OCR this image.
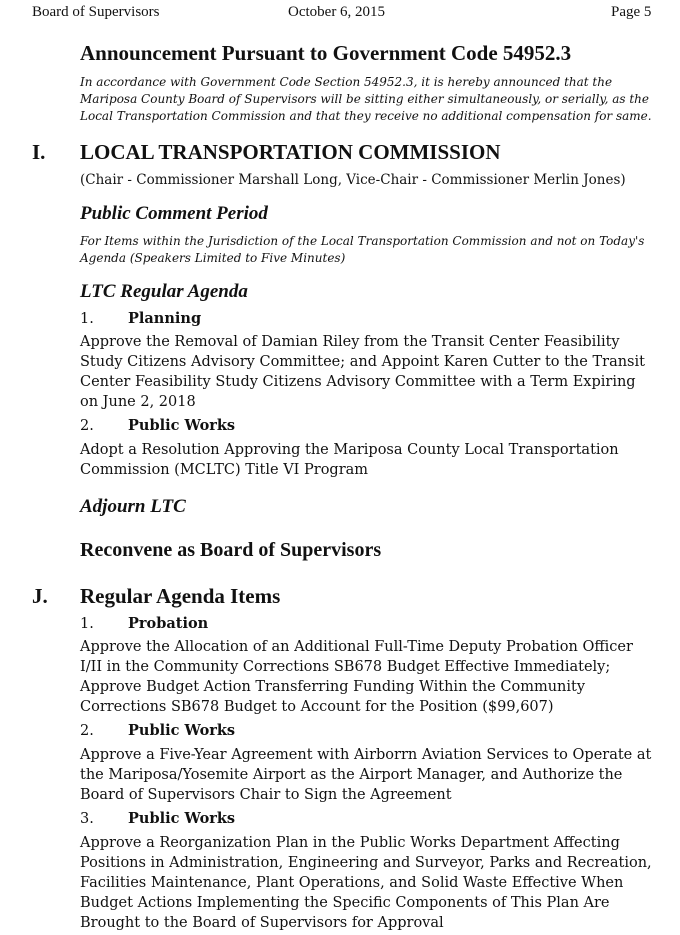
Board of Supervisors	October 6, 2015	Page 5
Announcement Pursuant to Government Code 54952.3
In accordance with Government Code Section 54952.3, it is hereby announced that the Mariposa County Board of Supervisors will be sitting either simultaneously, or serially, as the Local Transportation Commission and that they receive no additional compensation for same.
I. LOCAL TRANSPORTATION COMMISSION
(Chair - Commissioner Marshall Long, Vice-Chair - Commissioner Merlin Jones)
Public Comment Period
For Items within the Jurisdiction of the Local Transportation Commission and not on Today's Agenda (Speakers Limited to Five Minutes)
LTC Regular Agenda
1. Planning
Approve the Removal of Damian Riley from the Transit Center Feasibility Study Citizens Advisory Committee; and Appoint Karen Cutter to the Transit Center Feasibility Study Citizens Advisory Committee with a Term Expiring on June 2, 2018
2. Public Works
Adopt a Resolution Approving the Mariposa County Local Transportation Commission (MCLTC) Title VI Program
Adjourn LTC
Reconvene as Board of Supervisors
J. Regular Agenda Items
1. Probation
Approve the Allocation of an Additional Full-Time Deputy Probation Officer I/II in the Community Corrections SB678 Budget Effective Immediately; Approve Budget Action Transferring Funding Within the Community Corrections SB678 Budget to Account for the Position ($99,607)
2. Public Works
Approve a Five-Year Agreement with Airborrn Aviation Services to Operate at the Mariposa/Yosemite Airport as the Airport Manager, and Authorize the Board of Supervisors Chair to Sign the Agreement
3. Public Works
Approve a Reorganization Plan in the Public Works Department Affecting Positions in Administration, Engineering and Surveyor, Parks and Recreation, Facilities Maintenance, Plant Operations, and Solid Waste Effective When Budget Actions Implementing the Specific Components of This Plan Are Brought to the Board of Supervisors for Approval
